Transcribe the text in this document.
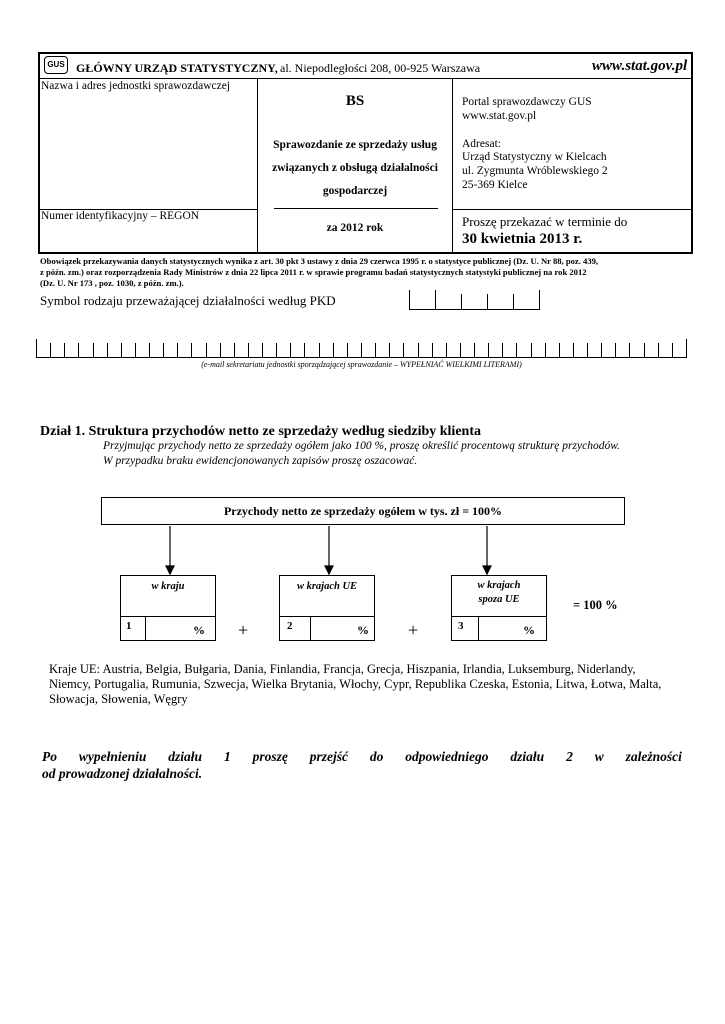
GUS GŁÓWNY URZĄD STATYSTYCZNY, al. Niepodległości 208, 00-925 Warszawa	www.stat.gov.pl
Nazwa i adres jednostki sprawozdawczej
Numer identyfikacyjny – REGON
BS
Sprawozdanie ze sprzedaży usług
związanych z obsługą działalności
gospodarczej
za 2012 rok
Portal sprawozdawczy GUS
www.stat.gov.pl
Adresat:
Urząd Statystyczny w Kielcach
ul. Zygmunta Wróblewskiego 2
25-369 Kielce
Proszę przekazać w terminie do
30 kwietnia 2013 r.
Obowiązek przekazywania danych statystycznych wynika z art. 30 pkt 3 ustawy z dnia 29 czerwca 1995 r. o statystyce publicznej (Dz. U. Nr 88, poz. 439,
z późn. zm.) oraz rozporządzenia Rady Ministrów z dnia 22 lipca 2011 r. w sprawie programu badań statystycznych statystyki publicznej na rok 2012
(Dz. U. Nr 173 , poz. 1030, z późn. zm.).
Symbol rodzaju przeważającej działalności według PKD
(e-mail sekretariatu jednostki sporządzającej sprawozdanie – WYPEŁNIAĆ WIELKIMI LITERAMI)
Dział 1. Struktura przychodów netto ze sprzedaży według siedziby klienta
Przyjmując przychody netto ze sprzedaży ogółem jako 100 %, proszę określić procentową strukturę przychodów.
W przypadku braku ewidencjonowanych zapisów proszę oszacować.
Przychody netto ze sprzedaży ogółem w tys. zł = 100%
w kraju
1	% +
w krajach UE
2	% +
w krajach
spoza UE
3	%
= 100 %
Kraje UE: Austria, Belgia, Bułgaria, Dania, Finlandia, Francja, Grecja, Hiszpania, Irlandia, Luksemburg, Niderlandy,
Niemcy, Portugalia, Rumunia, Szwecja, Wielka Brytania, Włochy, Cypr, Republika Czeska, Estonia, Litwa, Łotwa, Malta,
Słowacja, Słowenia, Węgry
Po wypełnieniu działu 1 proszę przejść do odpowiedniego działu 2 w zależności
od prowadzonej działalności.
